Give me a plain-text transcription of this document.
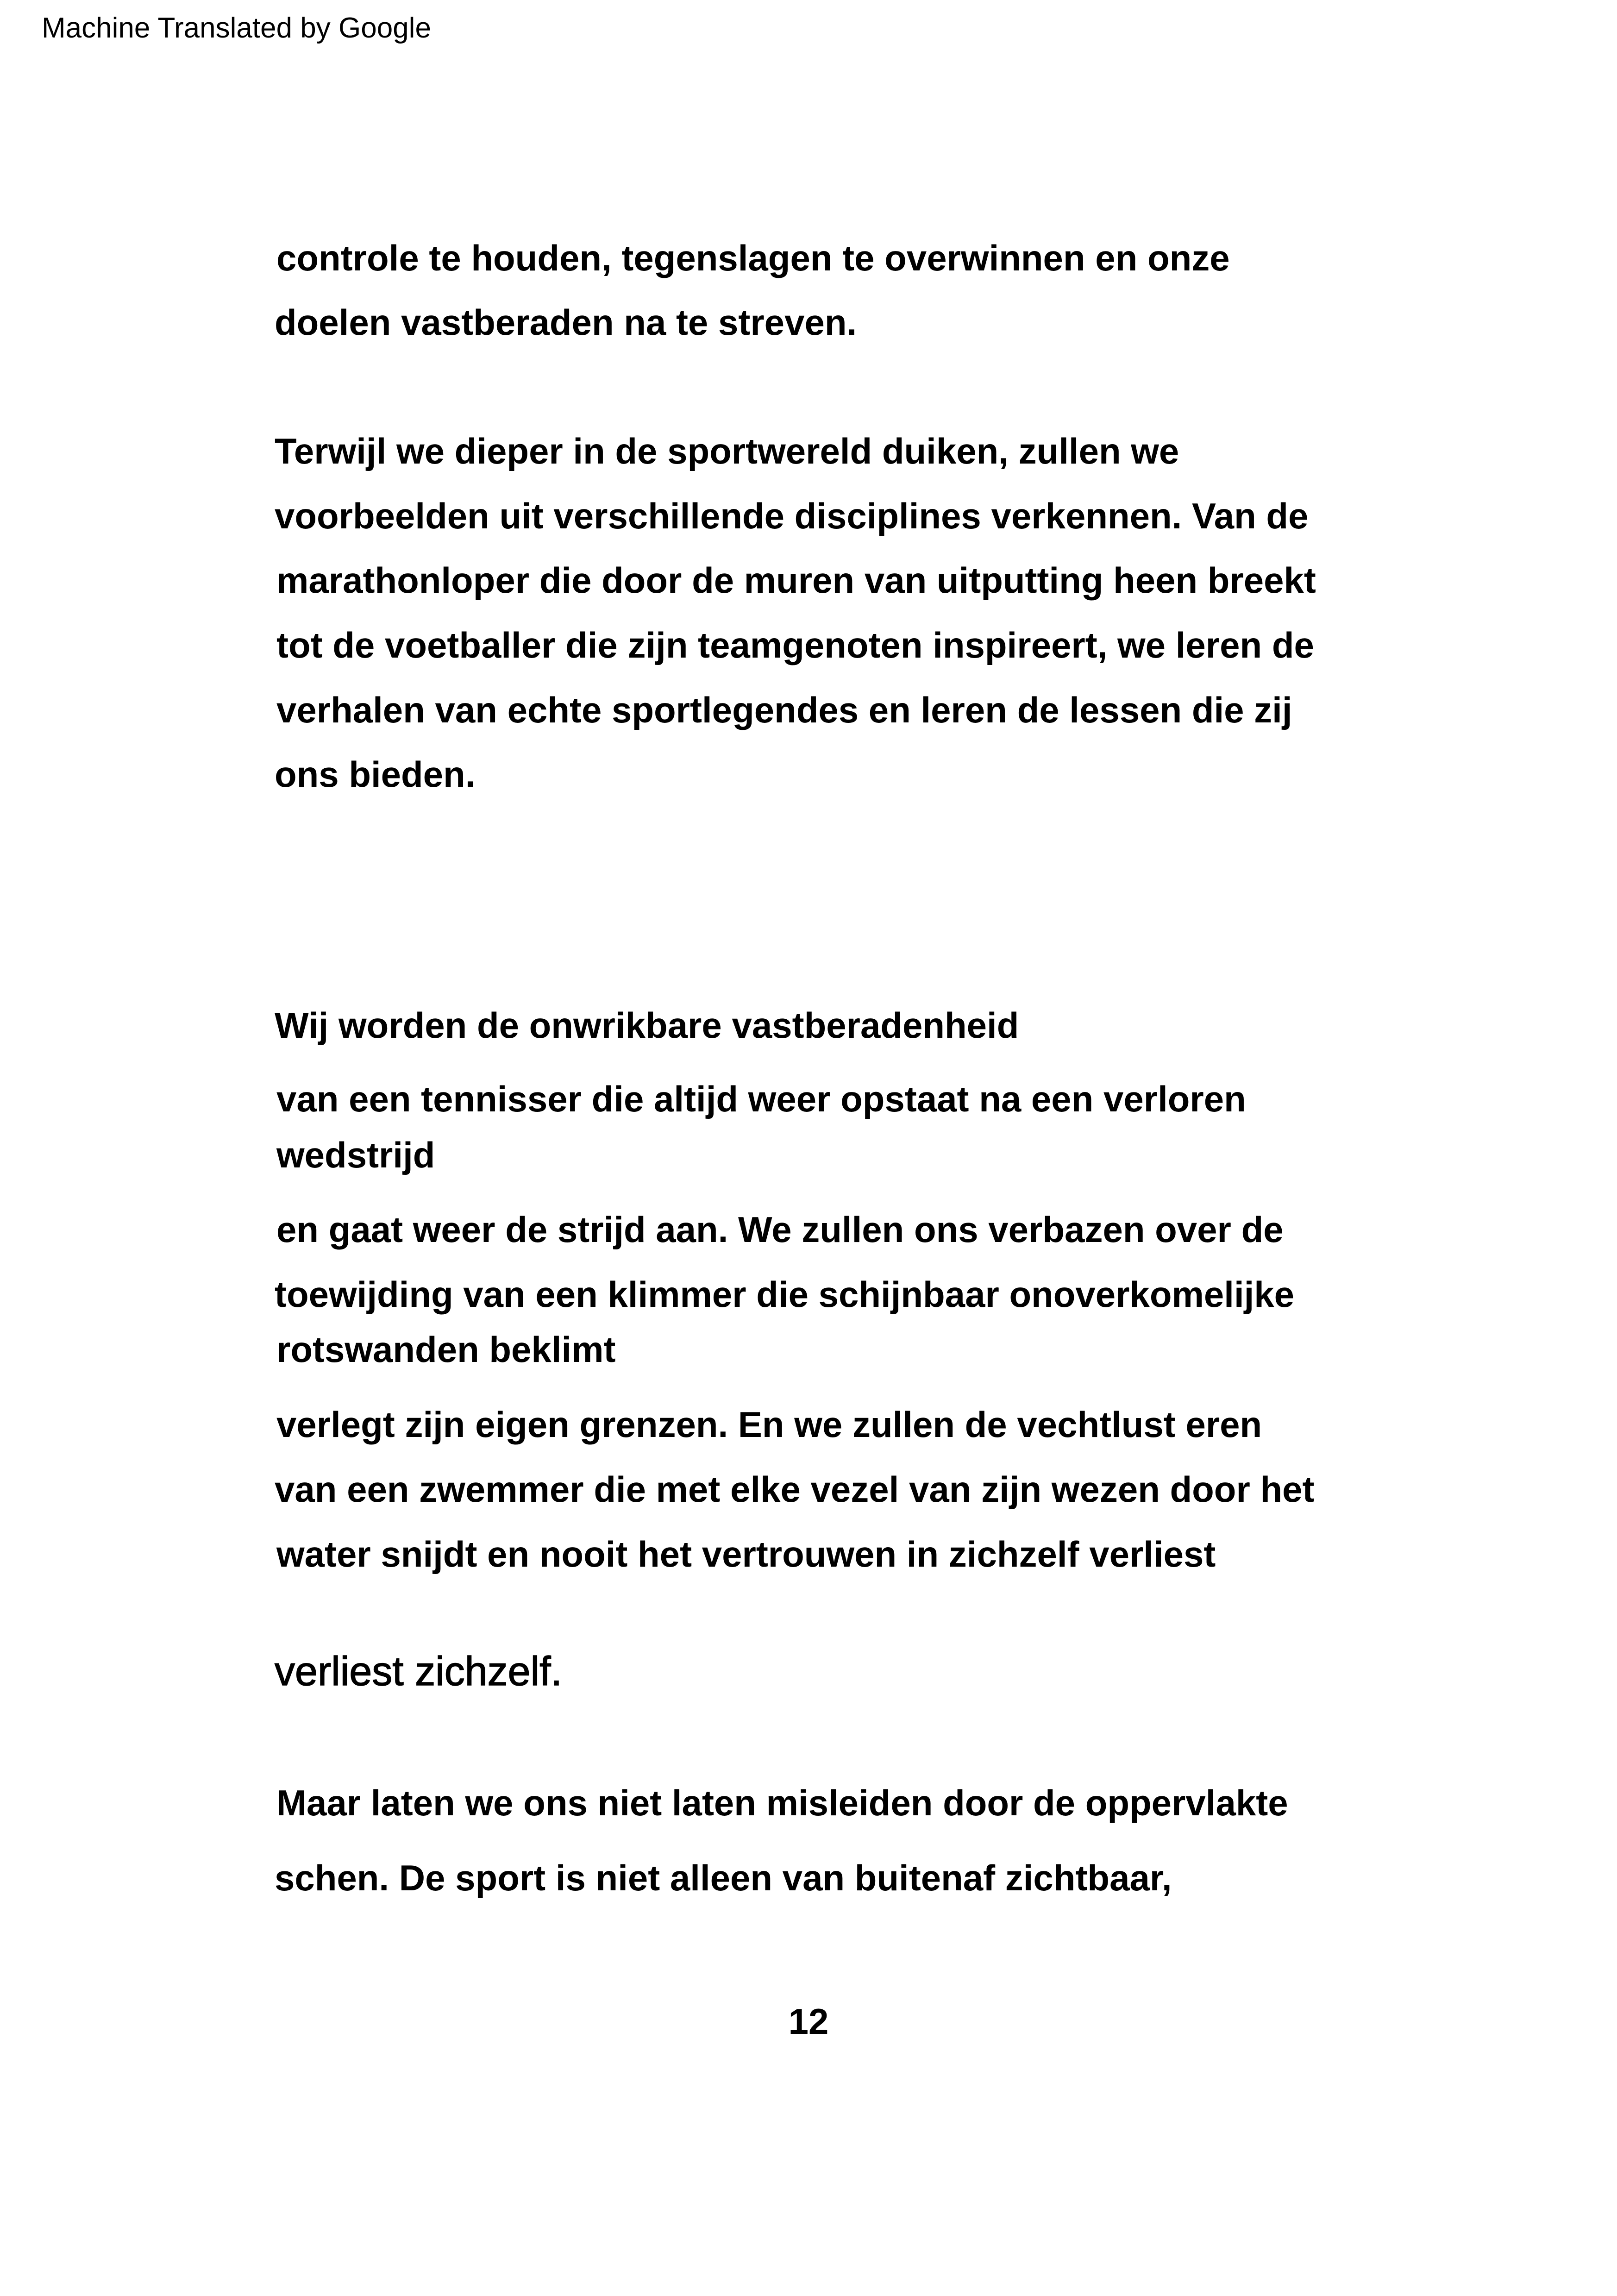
Machine Translated by Google
controle te houden, tegenslagen te overwinnen en onze
doelen vastberaden na te streven.
Terwijl we dieper in de sportwereld duiken, zullen we
voorbeelden uit verschillende disciplines verkennen. Van de
marathonloper die door de muren van uitputting heen breekt
tot de voetballer die zijn teamgenoten inspireert, we leren de
verhalen van echte sportlegendes en leren de lessen die zij
ons bieden.
Wij worden de onwrikbare vastberadenheid
van een tennisser die altijd weer opstaat na een verloren
wedstrijd
en gaat weer de strijd aan. We zullen ons verbazen over de
toewijding van een klimmer die schijnbaar onoverkomelijke
rotswanden beklimt
verlegt zijn eigen grenzen. En we zullen de vechtlust eren
van een zwemmer die met elke vezel van zijn wezen door het
water snijdt en nooit het vertrouwen in zichzelf verliest
verliest zichzelf.
Maar laten we ons niet laten misleiden door de oppervlakte
schen. De sport is niet alleen van buitenaf zichtbaar,
12
